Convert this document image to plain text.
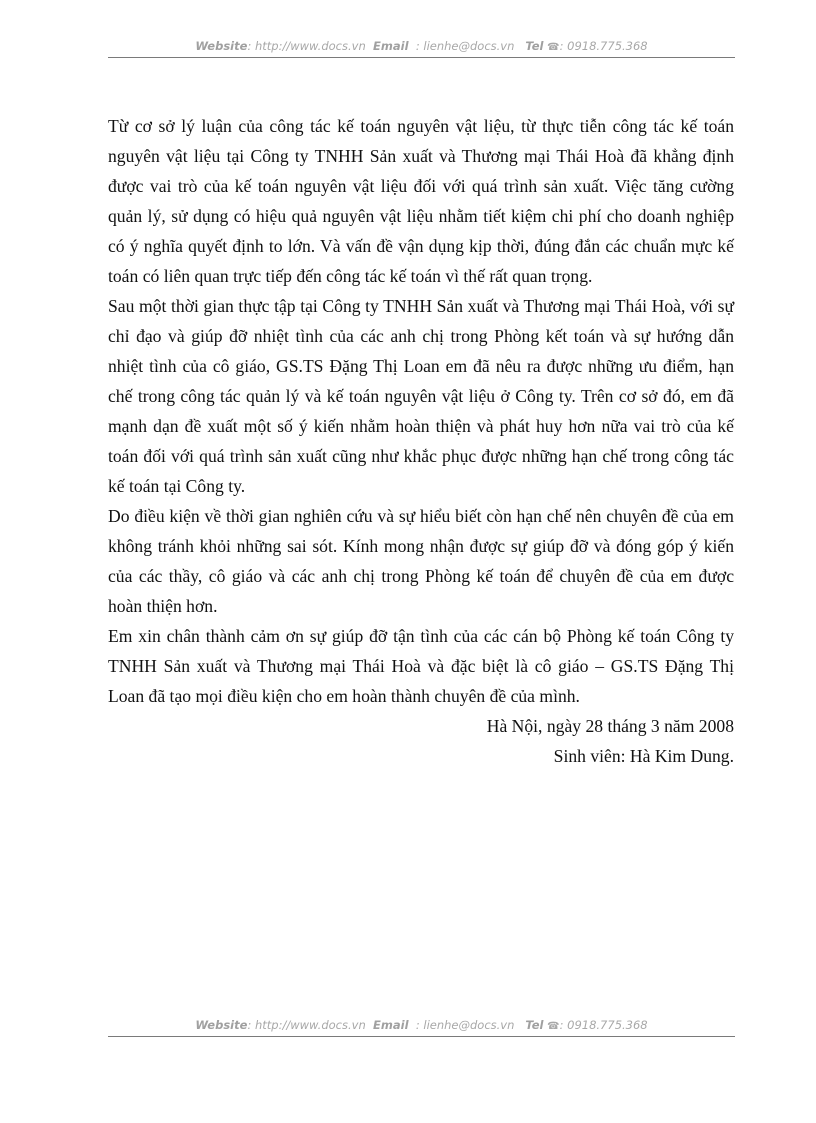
Website: http://www.docs.vn Email : lienhe@docs.vn Tel ☎: 0918.775.368

Từ cơ sở lý luận của công tác kế toán nguyên vật liệu, từ thực tiễn công tác kế toán nguyên vật liệu tại Công ty TNHH Sản xuất và Thương mại Thái Hoà đã khẳng định được vai trò của kế toán nguyên vật liệu đối với quá trình sản xuất. Việc tăng cường quản lý, sử dụng có hiệu quả nguyên vật liệu nhằm tiết kiệm chi phí cho doanh nghiệp có ý nghĩa quyết định to lớn. Và vấn đề vận dụng kịp thời, đúng đắn các chuẩn mực kế toán có liên quan trực tiếp đến công tác kế toán vì thế rất quan trọng.

Sau một thời gian thực tập tại Công ty TNHH Sản xuất và Thương mại Thái Hoà, với sự chỉ đạo và giúp đỡ nhiệt tình của các anh chị trong Phòng kết toán và sự hướng dẫn nhiệt tình của cô giáo, GS.TS Đặng Thị Loan em đã nêu ra được những ưu điểm, hạn chế trong công tác quản lý và kế toán nguyên vật liệu ở Công ty. Trên cơ sở đó, em đã mạnh dạn đề xuất một số ý kiến nhằm hoàn thiện và phát huy hơn nữa vai trò của kế toán đối với quá trình sản xuất cũng như khắc phục được những hạn chế trong công tác kế toán tại Công ty.

Do điều kiện về thời gian nghiên cứu và sự hiểu biết còn hạn chế nên chuyên đề của em không tránh khỏi những sai sót. Kính mong nhận được sự giúp đỡ và đóng góp ý kiến của các thầy, cô giáo và các anh chị trong Phòng kế toán để chuyên đề của em được hoàn thiện hơn.

Em xin chân thành cảm ơn sự giúp đỡ tận tình của các cán bộ Phòng kế toán Công ty TNHH Sản xuất và Thương mại Thái Hoà và đặc biệt là cô giáo – GS.TS Đặng Thị Loan đã tạo mọi điều kiện cho em hoàn thành chuyên đề của mình.

Hà Nội, ngày 28 tháng 3 năm 2008

Sinh viên: Hà Kim Dung.

Website: http://www.docs.vn Email : lienhe@docs.vn Tel ☎: 0918.775.368
